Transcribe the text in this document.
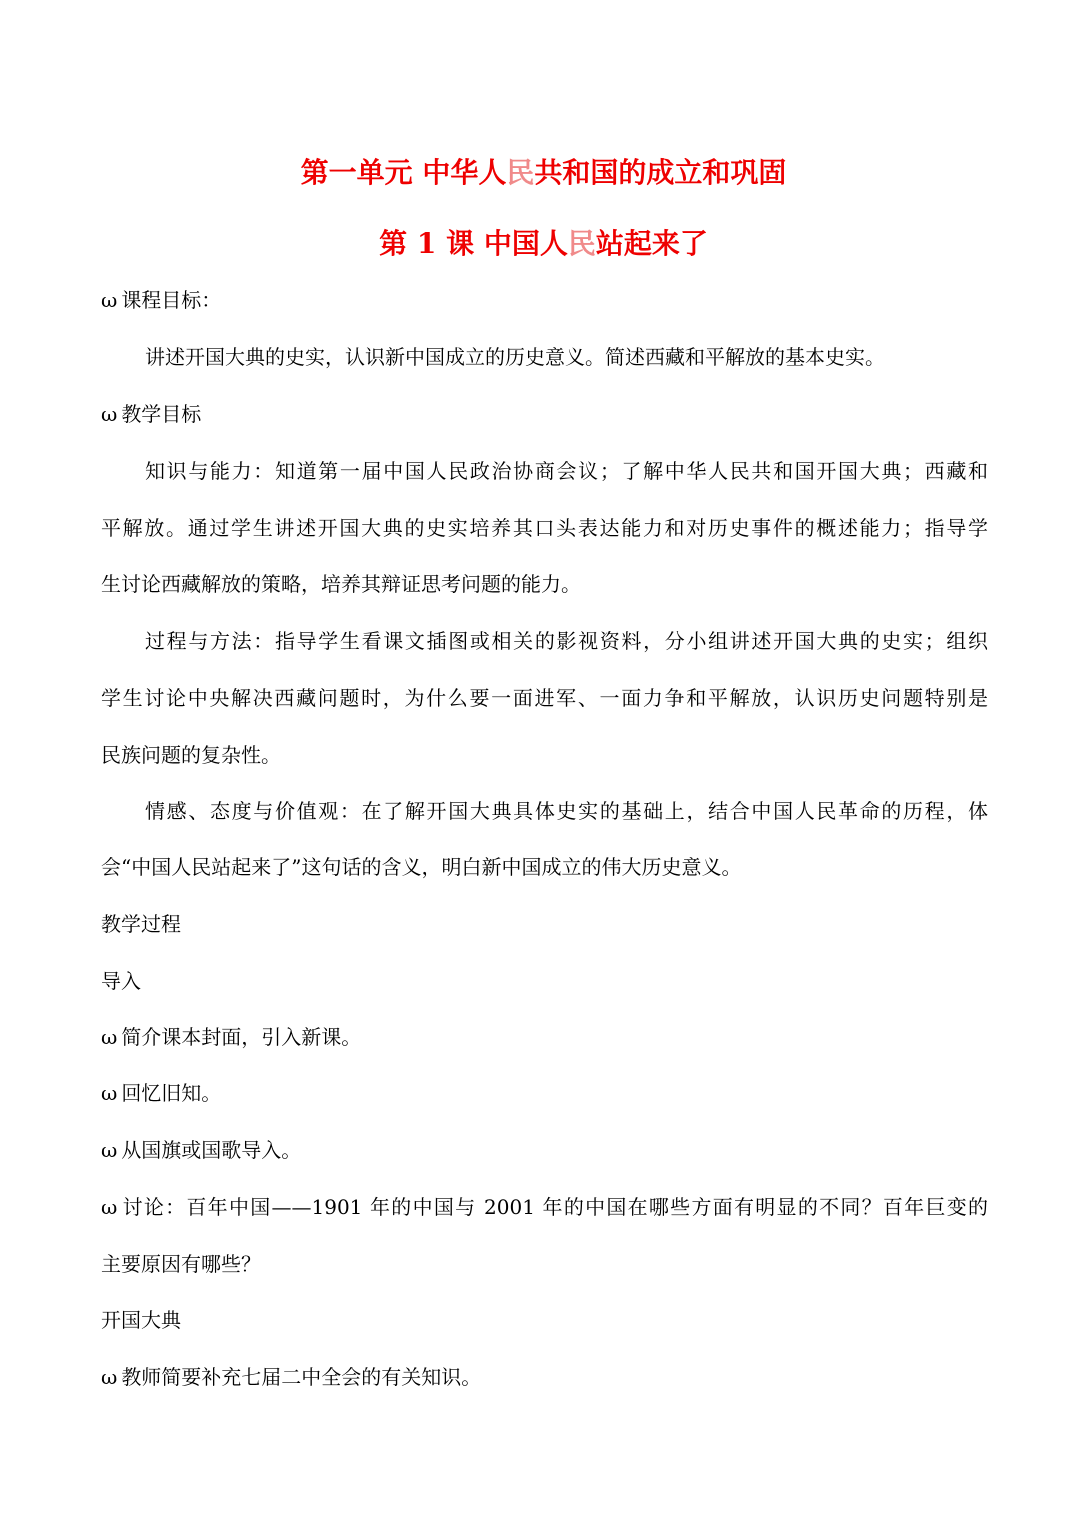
第一单元 中华人民共和国的成立和巩固
第 1 课 中国人民站起来了
ω 课程目标：
讲述开国大典的史实，认识新中国成立的历史意义。简述西藏和平解放的基本史实。
ω 教学目标
知识与能力：知道第一届中国人民政治协商会议；了解中华人民共和国开国大典；西藏和
平解放。通过学生讲述开国大典的史实培养其口头表达能力和对历史事件的概述能力；指导学
生讨论西藏解放的策略，培养其辩证思考问题的能力。
过程与方法：指导学生看课文插图或相关的影视资料，分小组讲述开国大典的史实；组织
学生讨论中央解决西藏问题时，为什么要一面进军、一面力争和平解放，认识历史问题特别是
民族问题的复杂性。
情感、态度与价值观：在了解开国大典具体史实的基础上，结合中国人民革命的历程，体
会“中国人民站起来了”这句话的含义，明白新中国成立的伟大历史意义。
教学过程
导入
ω 简介课本封面，引入新课。
ω 回忆旧知。
ω 从国旗或国歌导入。
ω 讨论：百年中国——1901 年的中国与 2001 年的中国在哪些方面有明显的不同？百年巨变的
主要原因有哪些？
开国大典
ω 教师简要补充七届二中全会的有关知识。
